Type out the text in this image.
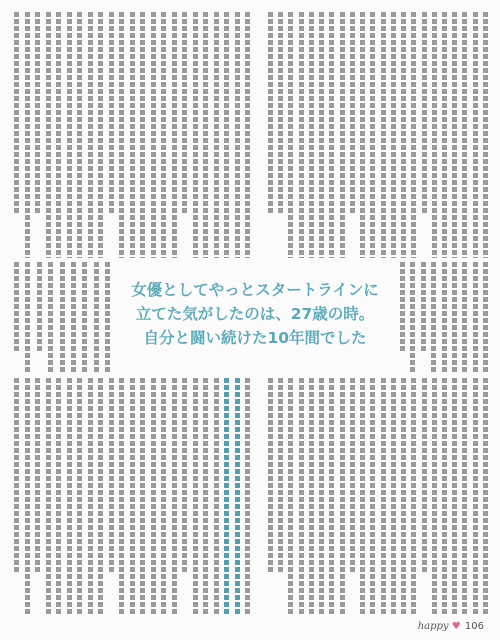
女優としてやっとスタートラインに
立てた気がしたのは、27歳の時。
自分と闘い続けた10年間でした
happy ♥ 106
